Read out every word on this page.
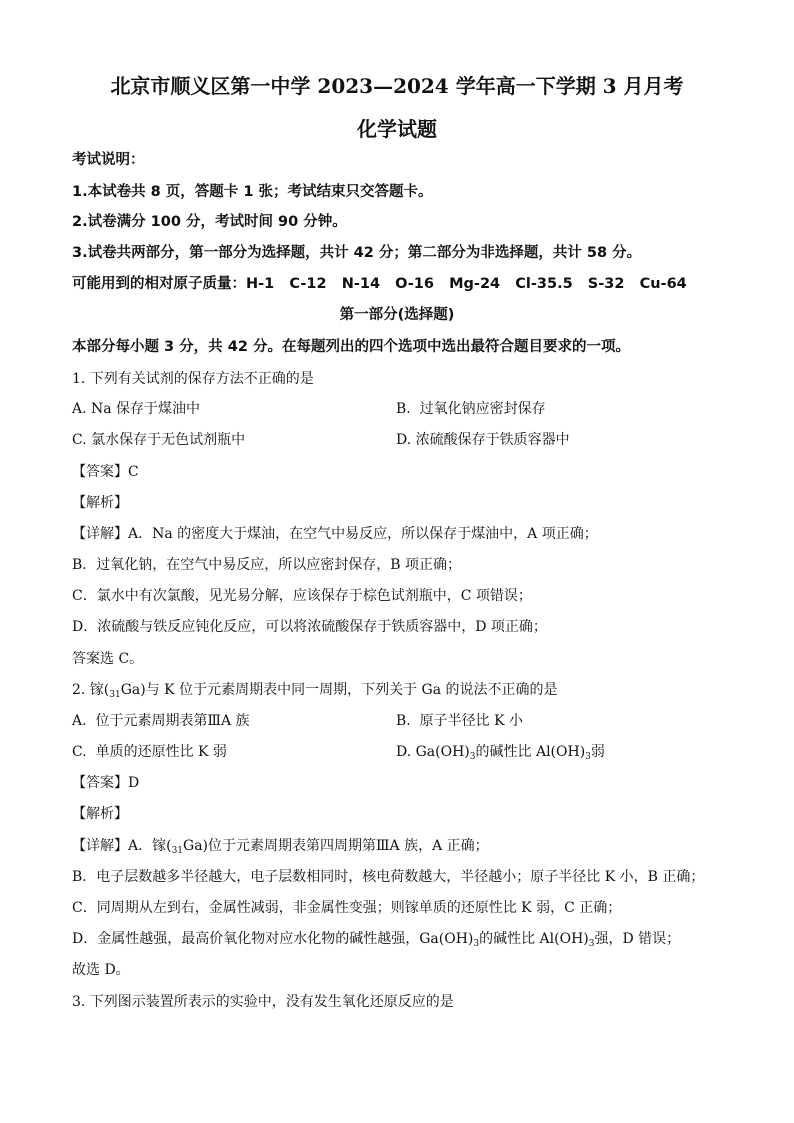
北京市顺义区第一中学 2023—2024 学年高一下学期 3 月月考
化学试题
考试说明：
1.本试卷共 8 页，答题卡 1 张；考试结束只交答题卡。
2.试卷满分 100 分，考试时间 90 分钟。
3.试卷共两部分，第一部分为选择题，共计 42 分；第二部分为非选择题，共计 58 分。
可能用到的相对原子质量：H-1   C-12   N-14   O-16   Mg-24   Cl-35.5   S-32   Cu-64
第一部分(选择题)
本部分每小题 3 分，共 42 分。在每题列出的四个选项中选出最符合题目要求的一项。
1. 下列有关试剂的保存方法不正确的是
A. Na 保存于煤油中	B.  过氧化钠应密封保存
C. 氯水保存于无色试剂瓶中	D. 浓硫酸保存于铁质容器中
【答案】C
【解析】
【详解】A．Na 的密度大于煤油，在空气中易反应，所以保存于煤油中，A 项正确；
B．过氧化钠，在空气中易反应，所以应密封保存，B 项正确；
C．氯水中有次氯酸，见光易分解，应该保存于棕色试剂瓶中，C 项错误；
D．浓硫酸与铁反应钝化反应，可以将浓硫酸保存于铁质容器中，D 项正确；
答案选 C。
2. 镓$(_{31}Ga)$与 K 位于元素周期表中同一周期，下列关于 Ga 的说法不正确的是
A.  位于元素周期表第ⅢA 族	B.  原子半径比 K 小
C.  单质的还原性比 K 弱	D. $Ga(OH)_3$的碱性比 $Al(OH)_3$弱
【答案】D
【解析】
【详解】A．镓$(_{31}Ga)$位于元素周期表第四周期第ⅢA 族，A 正确；
B．电子层数越多半径越大，电子层数相同时，核电荷数越大，半径越小；原子半径比 K 小，B 正确；
C．同周期从左到右，金属性减弱，非金属性变强；则镓单质的还原性比 K 弱，C 正确；
D．金属性越强，最高价氧化物对应水化物的碱性越强，$Ga(OH)_3$的碱性比 $Al(OH)_3$强，D 错误；
故选 D。
3. 下列图示装置所表示的实验中，没有发生氧化还原反应的是
